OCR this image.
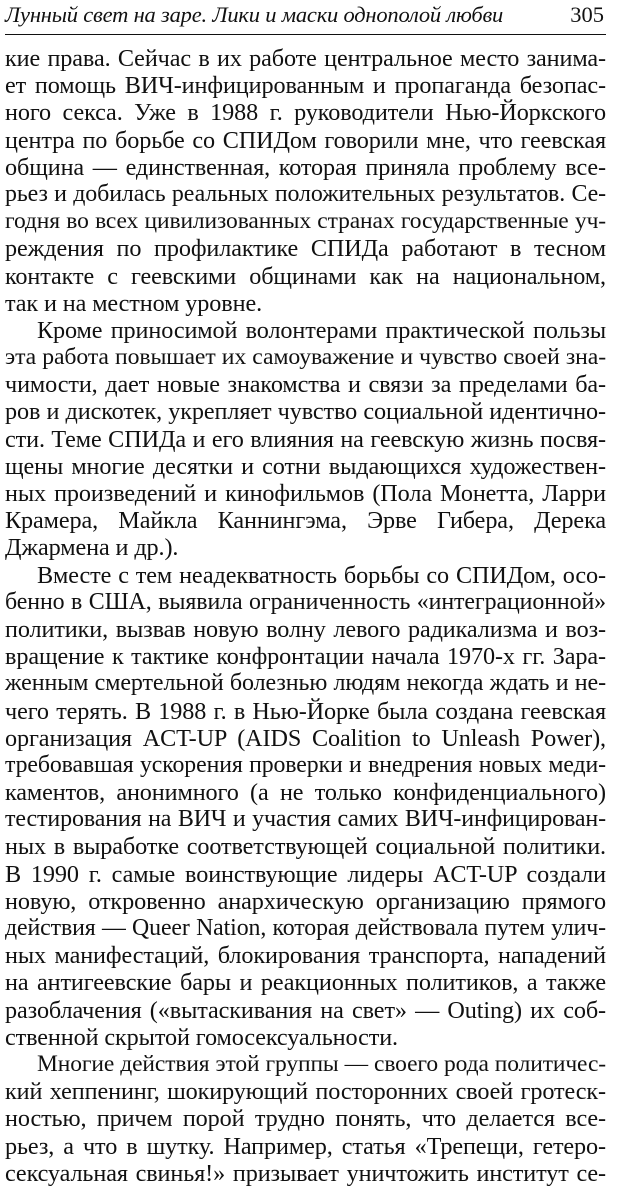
Лунный свет на заре. Лики и маски однополой любви	305
кие права. Сейчас в их работе центральное место занима-
ет помощь ВИЧ-инфицированным и пропаганда безопас-
ного секса. Уже в 1988 г. руководители Нью-Йоркского
центра по борьбе со СПИДом говорили мне, что геевская
община — единственная, которая приняла проблему все-
рьез и добилась реальных положительных результатов. Се-
годня во всех цивилизованных странах государственные уч-
реждения по профилактике СПИДа работают в тесном
контакте с геевскими общинами как на национальном,
так и на местном уровне.
Кроме приносимой волонтерами практической пользы
эта работа повышает их самоуважение и чувство своей зна-
чимости, дает новые знакомства и связи за пределами ба-
ров и дискотек, укрепляет чувство социальной идентично-
сти. Теме СПИДа и его влияния на геевскую жизнь посвя-
щены многие десятки и сотни выдающихся художествен-
ных произведений и кинофильмов (Пола Монетта, Ларри
Крамера, Майкла Каннингэма, Эрве Гибера, Дерека
Джармена и др.).
Вместе с тем неадекватность борьбы со СПИДом, осо-
бенно в США, выявила ограниченность «интеграционной»
политики, вызвав новую волну левого радикализма и воз-
вращение к тактике конфронтации начала 1970-х гг. Зара-
женным смертельной болезнью людям некогда ждать и не-
чего терять. В 1988 г. в Нью-Йорке была создана геевская
организация ACT-UP (AIDS Coalition to Unleash Power),
требовавшая ускорения проверки и внедрения новых меди-
каментов, анонимного (а не только конфиденциального)
тестирования на ВИЧ и участия самих ВИЧ-инфицирован-
ных в выработке соответствующей социальной политики.
В 1990 г. самые воинствующие лидеры ACT-UP создали
новую, откровенно анархическую организацию прямого
действия — Queer Nation, которая действовала путем улич-
ных манифестаций, блокирования транспорта, нападений
на антигеевские бары и реакционных политиков, а также
разоблачения («вытаскивания на свет» — Outing) их соб-
ственной скрытой гомосексуальности.
Многие действия этой группы — своего рода политичес-
кий хеппенинг, шокирующий посторонних своей гротеск-
ностью, причем порой трудно понять, что делается все-
рьез, а что в шутку. Например, статья «Трепещи, гетеро-
сексуальная свинья!» призывает уничтожить институт се-
